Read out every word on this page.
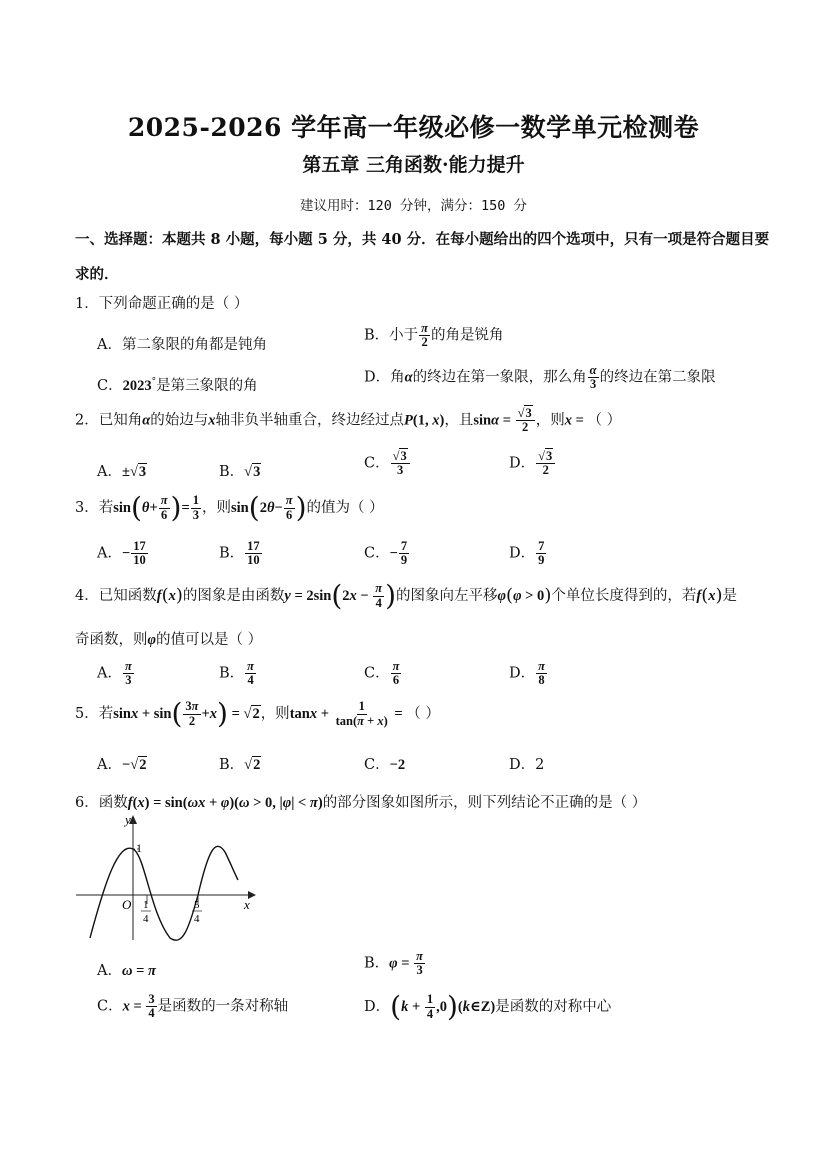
2025-2026 学年高一年级必修一数学单元检测卷
第五章 三角函数·能力提升
建议用时：120 分钟，满分：150 分
一、选择题：本题共 8 小题，每小题 5 分，共 40 分．在每小题给出的四个选项中，只有一项是符合题目要
求的．
1．下列命题正确的是（ ）
A．第二象限的角都是钝角
B．小于 $\frac{\pi}{2}$ 的角是锐角
C．2023°是第三象限的角
D．角α的终边在第一象限，那么角 $\frac{\alpha}{3}$ 的终边在第二象限
2．已知角α的始边与x轴非负半轴重合，终边经过点P(1, x)，且$\sin\alpha = \frac{√3}{2}$ ，则x = （ ）
A．±√3	B．√3
C． $\frac{√3}{3}$	D． $\frac{√3}{2}$
3．若$\sin(\theta+ \frac{\pi}{6}$ )= $\frac{1}{3}$ ，则$\sin(2\theta- \frac{\pi}{6}$ )的值为（ ）
A．− $\frac{17}{10}$	B． $\frac{17}{10}$	C．− $\frac{7}{9}$	D． $\frac{7}{9}$
4．已知函数f(x)的图象是由函数$y = 2\sin(2x - \frac{\pi}{4}$ )的图象向左平移φ(φ > 0)个单位长度得到的，若f(x)是
奇函数，则φ的值可以是（ ）
A． $\frac{\pi}{3}$	B． $\frac{\pi}{4}$	C． $\frac{\pi}{6}$	D． $\frac{\pi}{8}$
5．若$\sin x + \sin( \frac{3\pi}{2} +x) = √2$，则$\tan x + \frac{1}{\tan(\pi + x)}$ = （ ）
A．−√2	B．√2	C．−2	D．2
6．函数f(x) = sin(ωx + φ)(ω > 0, |φ| < π)的部分图象如图所示，则下列结论不正确的是（ ）
y
x
O
1
1
4
5
4
A．ω = π	B．$\varphi = \frac{\pi}{3}$
C．$x = \frac{3}{4}$ 是函数的一条对称轴	D．($k + \frac{1}{4}$ ,0)(k∈Z)是函数的对称中心
